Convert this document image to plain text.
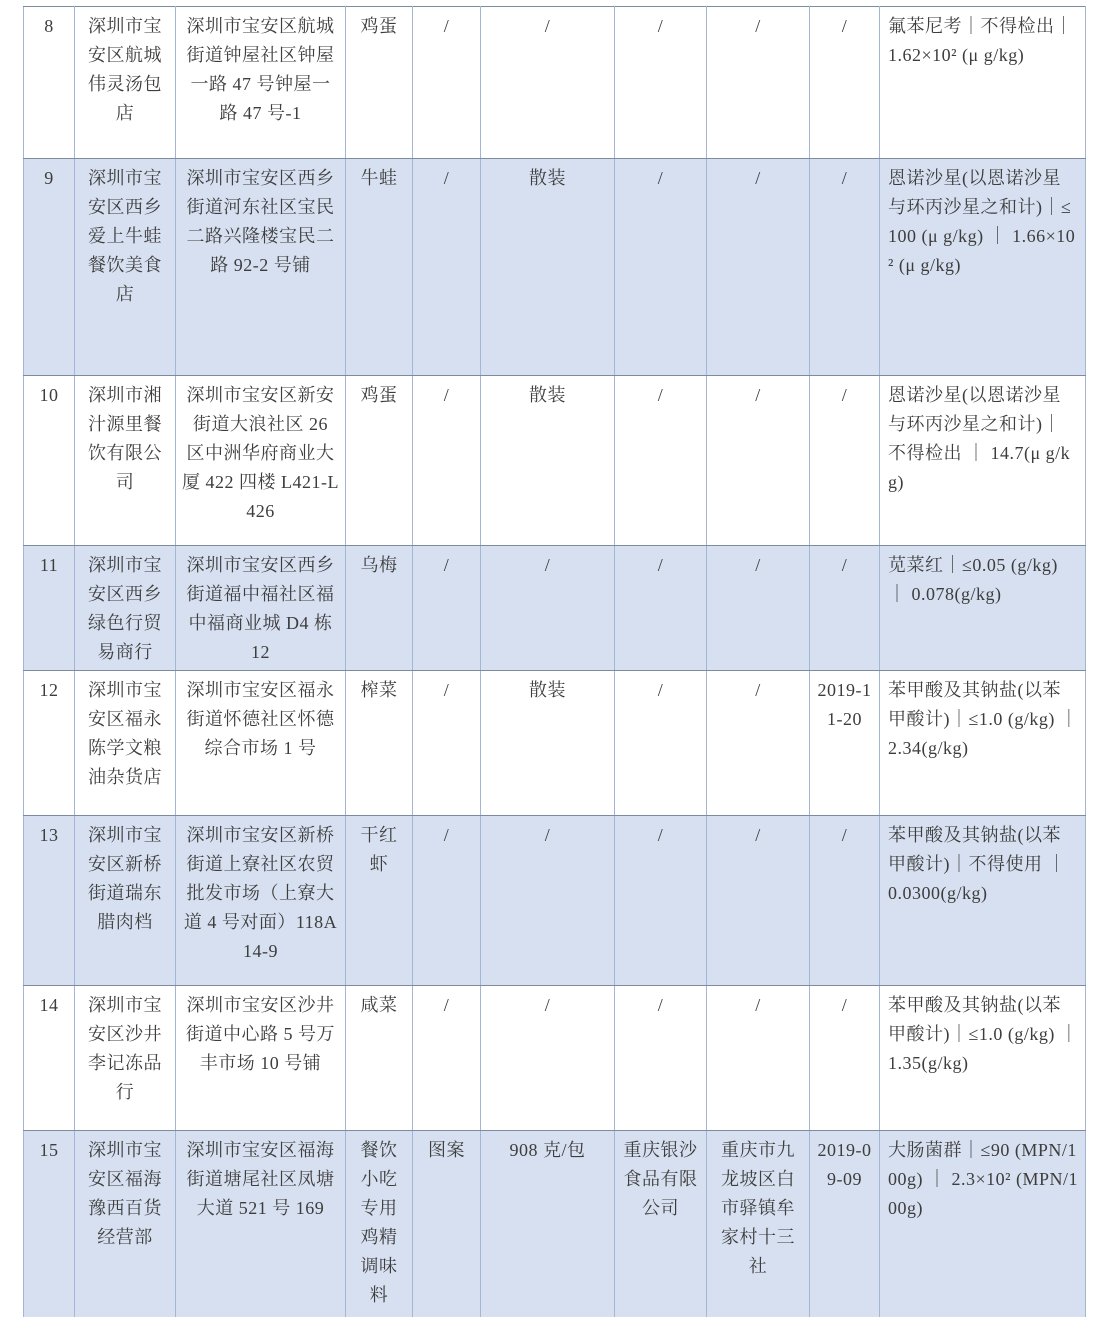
8	深圳市宝安区航城伟灵汤包店	深圳市宝安区航城街道钟屋社区钟屋一路 47 号钟屋一路 47 号-1	鸡蛋	/	/	/	/	/	氟苯尼考｜不得检出｜1.62×10² (μ g/kg)
9	深圳市宝安区西乡爱上牛蛙餐饮美食店	深圳市宝安区西乡街道河东社区宝民二路兴隆楼宝民二路 92-2 号铺	牛蛙	/	散装	/	/	/	恩诺沙星(以恩诺沙星与环丙沙星之和计)｜≤100 (μ g/kg) ｜ 1.66×10² (μ g/kg)
10	深圳市湘汁源里餐饮有限公司	深圳市宝安区新安街道大浪社区 26 区中洲华府商业大厦 422 四楼 L421-L426	鸡蛋	/	散装	/	/	/	恩诺沙星(以恩诺沙星与环丙沙星之和计)｜不得检出 ｜ 14.7(μ g/kg)
11	深圳市宝安区西乡绿色行贸易商行	深圳市宝安区西乡街道福中福社区福中福商业城 D4 栋 12	乌梅	/	/	/	/	/	苋菜红｜≤0.05 (g/kg) ｜ 0.078(g/kg)
12	深圳市宝安区福永陈学文粮油杂货店	深圳市宝安区福永街道怀德社区怀德综合市场 1 号	榨菜	/	散装	/	/	2019-11-20	苯甲酸及其钠盐(以苯甲酸计)｜≤1.0 (g/kg) ｜ 2.34(g/kg)
13	深圳市宝安区新桥街道瑞东腊肉档	深圳市宝安区新桥街道上寮社区农贸批发市场（上寮大道 4 号对面）118A14-9	干红虾	/	/	/	/	/	苯甲酸及其钠盐(以苯甲酸计)｜不得使用 ｜ 0.0300(g/kg)
14	深圳市宝安区沙井李记冻品行	深圳市宝安区沙井街道中心路 5 号万丰市场 10 号铺	咸菜	/	/	/	/	/	苯甲酸及其钠盐(以苯甲酸计)｜≤1.0 (g/kg) ｜ 1.35(g/kg)
15	深圳市宝安区福海豫西百货经营部	深圳市宝安区福海街道塘尾社区凤塘大道 521 号 169	餐饮小吃专用鸡精调味料	图案	908 克/包	重庆银沙食品有限公司	重庆市九龙坡区白市驿镇牟家村十三社	2019-09-09	大肠菌群｜≤90 (MPN/100g) ｜ 2.3×10² (MPN/100g)
